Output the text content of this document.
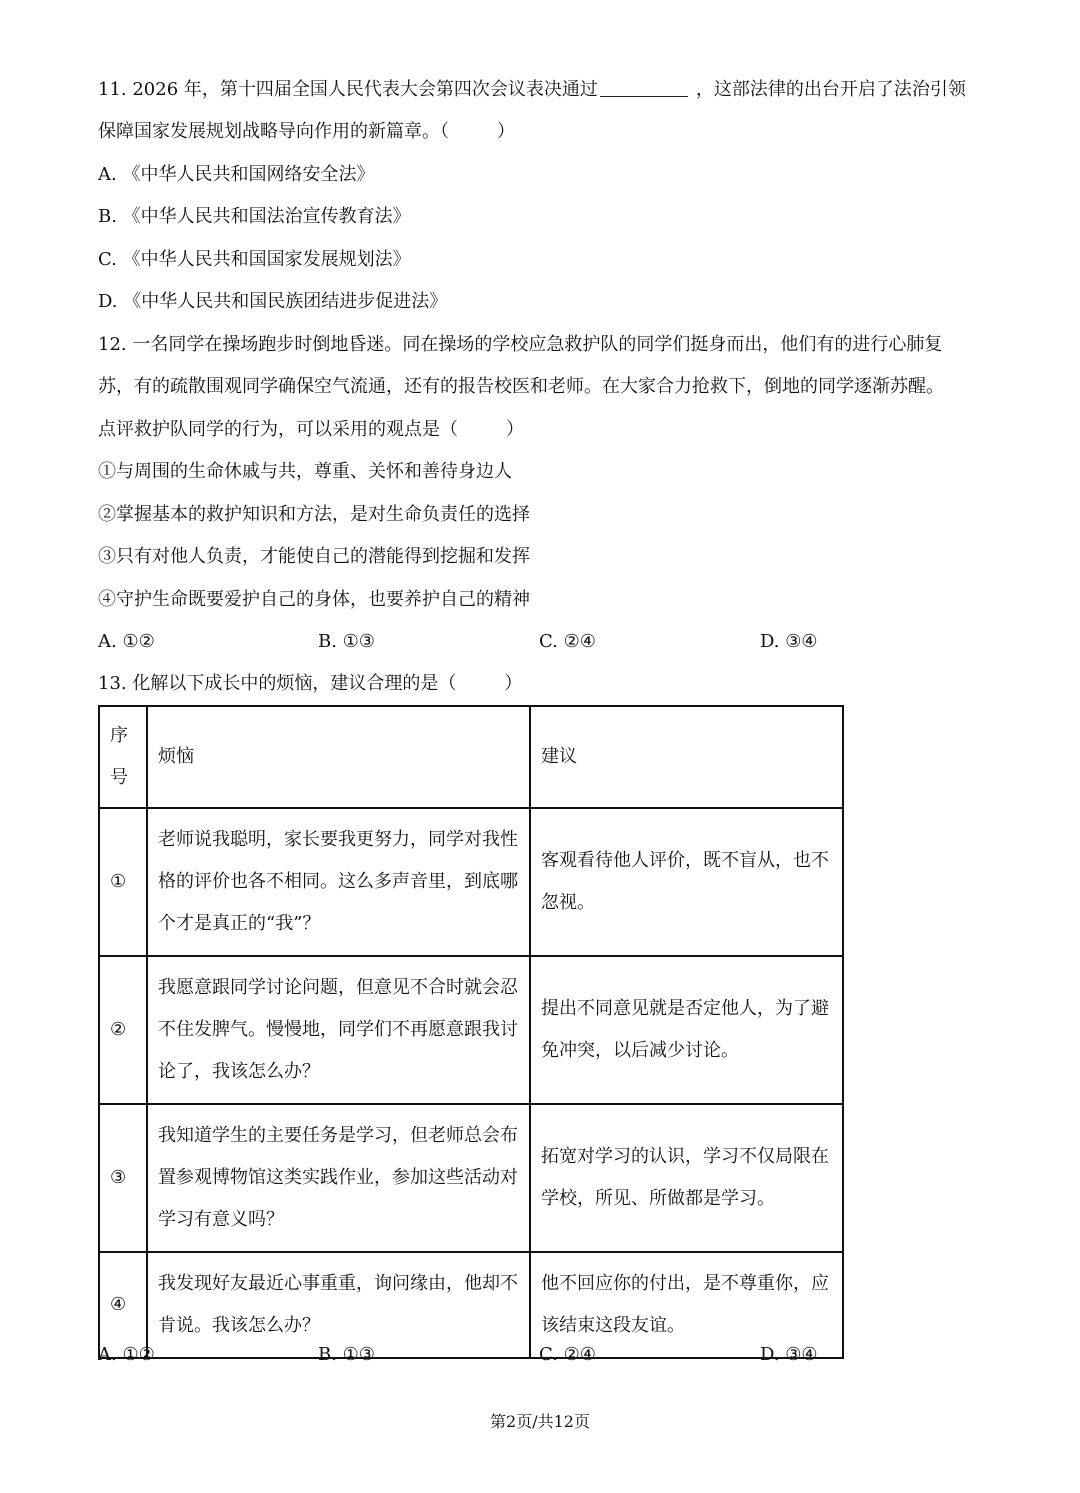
11. 2026 年，第十四届全国人民代表大会第四次会议表决通过	，这部法律的出台开启了法治引领
保障国家发展规划战略导向作用的新篇章。（	）
A. 《中华人民共和国网络安全法》
B. 《中华人民共和国法治宣传教育法》
C. 《中华人民共和国国家发展规划法》
D. 《中华人民共和国民族团结进步促进法》
12. 一名同学在操场跑步时倒地昏迷。同在操场的学校应急救护队的同学们挺身而出，他们有的进行心肺复
苏，有的疏散围观同学确保空气流通，还有的报告校医和老师。在大家合力抢救下，倒地的同学逐渐苏醒。
点评救护队同学的行为，可以采用的观点是（	）
①与周围的生命休戚与共，尊重、关怀和善待身边人
②掌握基本的救护知识和方法，是对生命负责任的选择
③只有对他人负责，才能使自己的潜能得到挖掘和发挥
④守护生命既要爱护自己的身体，也要养护自己的精神
A. ①②	B. ①③	C. ②④	D. ③④
13. 化解以下成长中的烦恼，建议合理的是（	）
序号	烦恼	建议
①	老师说我聪明，家长要我更努力，同学对我性格的评价也各不相同。这么多声音里，到底哪个才是真正的“我”？	客观看待他人评价，既不盲从，也不忽视。
②	我愿意跟同学讨论问题，但意见不合时就会忍不住发脾气。慢慢地，同学们不再愿意跟我讨论了，我该怎么办？	提出不同意见就是否定他人，为了避免冲突，以后减少讨论。
③	我知道学生的主要任务是学习，但老师总会布置参观博物馆这类实践作业，参加这些活动对学习有意义吗？	拓宽对学习的认识，学习不仅局限在学校，所见、所做都是学习。
④	我发现好友最近心事重重，询问缘由，他却不肯说。我该怎么办？	他不回应你的付出，是不尊重你，应该结束这段友谊。
A. ①②	B. ①③	C. ②④	D. ③④
第2页/共12页
